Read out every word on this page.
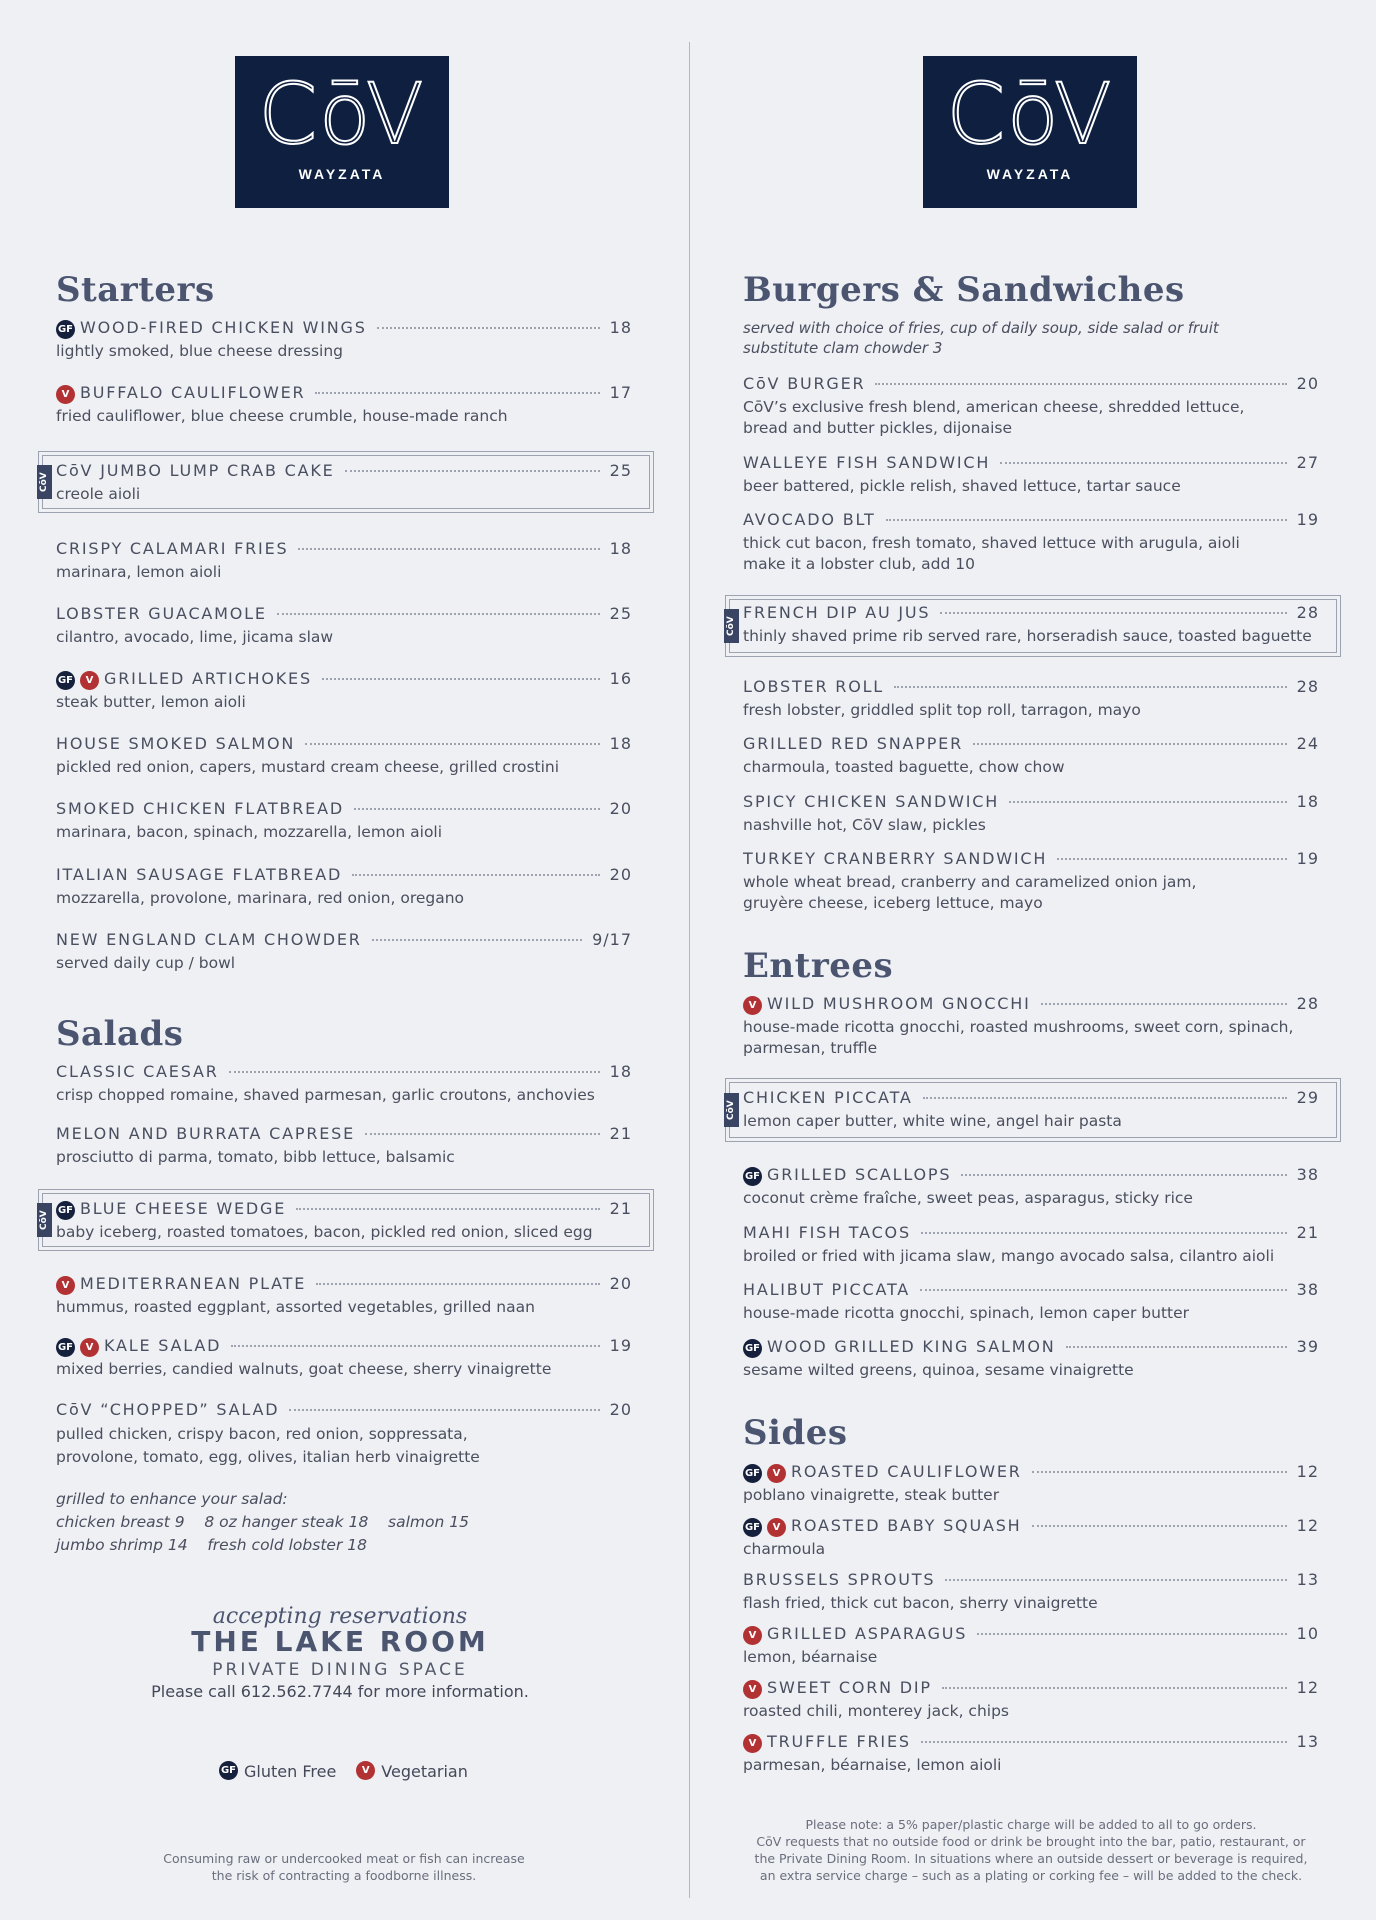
CōV
WAYZATA
Starters
GF WOOD-FIRED CHICKEN WINGS	18
lightly smoked, blue cheese dressing
V BUFFALO CAULIFLOWER	17
fried cauliflower, blue cheese crumble, house-made ranch
CōV
CōV JUMBO LUMP CRAB CAKE	25
creole aioli
CRISPY CALAMARI FRIES	18
marinara, lemon aioli
LOBSTER GUACAMOLE	25
cilantro, avocado, lime, jicama slaw
GF	V GRILLED ARTICHOKES	16
steak butter, lemon aioli
HOUSE SMOKED SALMON	18
pickled red onion, capers, mustard cream cheese, grilled crostini
SMOKED CHICKEN FLATBREAD	20
marinara, bacon, spinach, mozzarella, lemon aioli
ITALIAN SAUSAGE FLATBREAD	20
mozzarella, provolone, marinara, red onion, oregano
NEW ENGLAND CLAM CHOWDER	9/17
served daily cup / bowl
Salads
CLASSIC CAESAR	18
crisp chopped romaine, shaved parmesan, garlic croutons, anchovies
MELON AND BURRATA CAPRESE	21
prosciutto di parma, tomato, bibb lettuce, balsamic
CōV GF BLUE CHEESE WEDGE	21
baby iceberg, roasted tomatoes, bacon, pickled red onion, sliced egg
V MEDITERRANEAN PLATE	20
hummus, roasted eggplant, assorted vegetables, grilled naan
GF	V KALE SALAD	19
mixed berries, candied walnuts, goat cheese, sherry vinaigrette
CōV “CHOPPED” SALAD	20
pulled chicken, crispy bacon, red onion, soppressata,
provolone, tomato, egg, olives, italian herb vinaigrette
grilled to enhance your salad:
chicken breast 9    8 oz hanger steak 18    salmon 15
jumbo shrimp 14    fresh cold lobster 18
accepting reservations
THE LAKE ROOM
PRIVATE DINING SPACE
Please call 612.562.7744 for more information.
GF Gluten Free	V Vegetarian
Consuming raw or undercooked meat or fish can increase
the risk of contracting a foodborne illness.
CōV
WAYZATA
Burgers & Sandwiches
served with choice of fries, cup of daily soup, side salad or fruit
substitute clam chowder 3
CōV BURGER	20
CōV’s exclusive fresh blend, american cheese, shredded lettuce,
bread and butter pickles, dijonaise
WALLEYE FISH SANDWICH	27
beer battered, pickle relish, shaved lettuce, tartar sauce
AVOCADO BLT	19
thick cut bacon, fresh tomato, shaved lettuce with arugula, aioli
make it a lobster club, add 10
CōV
FRENCH DIP AU JUS	28
thinly shaved prime rib served rare, horseradish sauce, toasted baguette
LOBSTER ROLL	28
fresh lobster, griddled split top roll, tarragon, mayo
GRILLED RED SNAPPER	24
charmoula, toasted baguette, chow chow
SPICY CHICKEN SANDWICH	18
nashville hot, CōV slaw, pickles
TURKEY CRANBERRY SANDWICH	19
whole wheat bread, cranberry and caramelized onion jam,
gruyère cheese, iceberg lettuce, mayo
Entrees
V WILD MUSHROOM GNOCCHI	28
house-made ricotta gnocchi, roasted mushrooms, sweet corn, spinach,
parmesan, truffle
CōV
CHICKEN PICCATA	29
lemon caper butter, white wine, angel hair pasta
GF GRILLED SCALLOPS	38
coconut crème fraîche, sweet peas, asparagus, sticky rice
MAHI FISH TACOS	21
broiled or fried with jicama slaw, mango avocado salsa, cilantro aioli
HALIBUT PICCATA	38
house-made ricotta gnocchi, spinach, lemon caper butter
GF WOOD GRILLED KING SALMON	39
sesame wilted greens, quinoa, sesame vinaigrette
Sides
GF	V ROASTED CAULIFLOWER	12
poblano vinaigrette, steak butter
GF	V ROASTED BABY SQUASH	12
charmoula
BRUSSELS SPROUTS	13
flash fried, thick cut bacon, sherry vinaigrette
V GRILLED ASPARAGUS	10
lemon, béarnaise
V SWEET CORN DIP	12
roasted chili, monterey jack, chips
V TRUFFLE FRIES	13
parmesan, béarnaise, lemon aioli
Please note: a 5% paper/plastic charge will be added to all to go orders.
CōV requests that no outside food or drink be brought into the bar, patio, restaurant, or
the Private Dining Room. In situations where an outside dessert or beverage is required,
an extra service charge – such as a plating or corking fee – will be added to the check.
